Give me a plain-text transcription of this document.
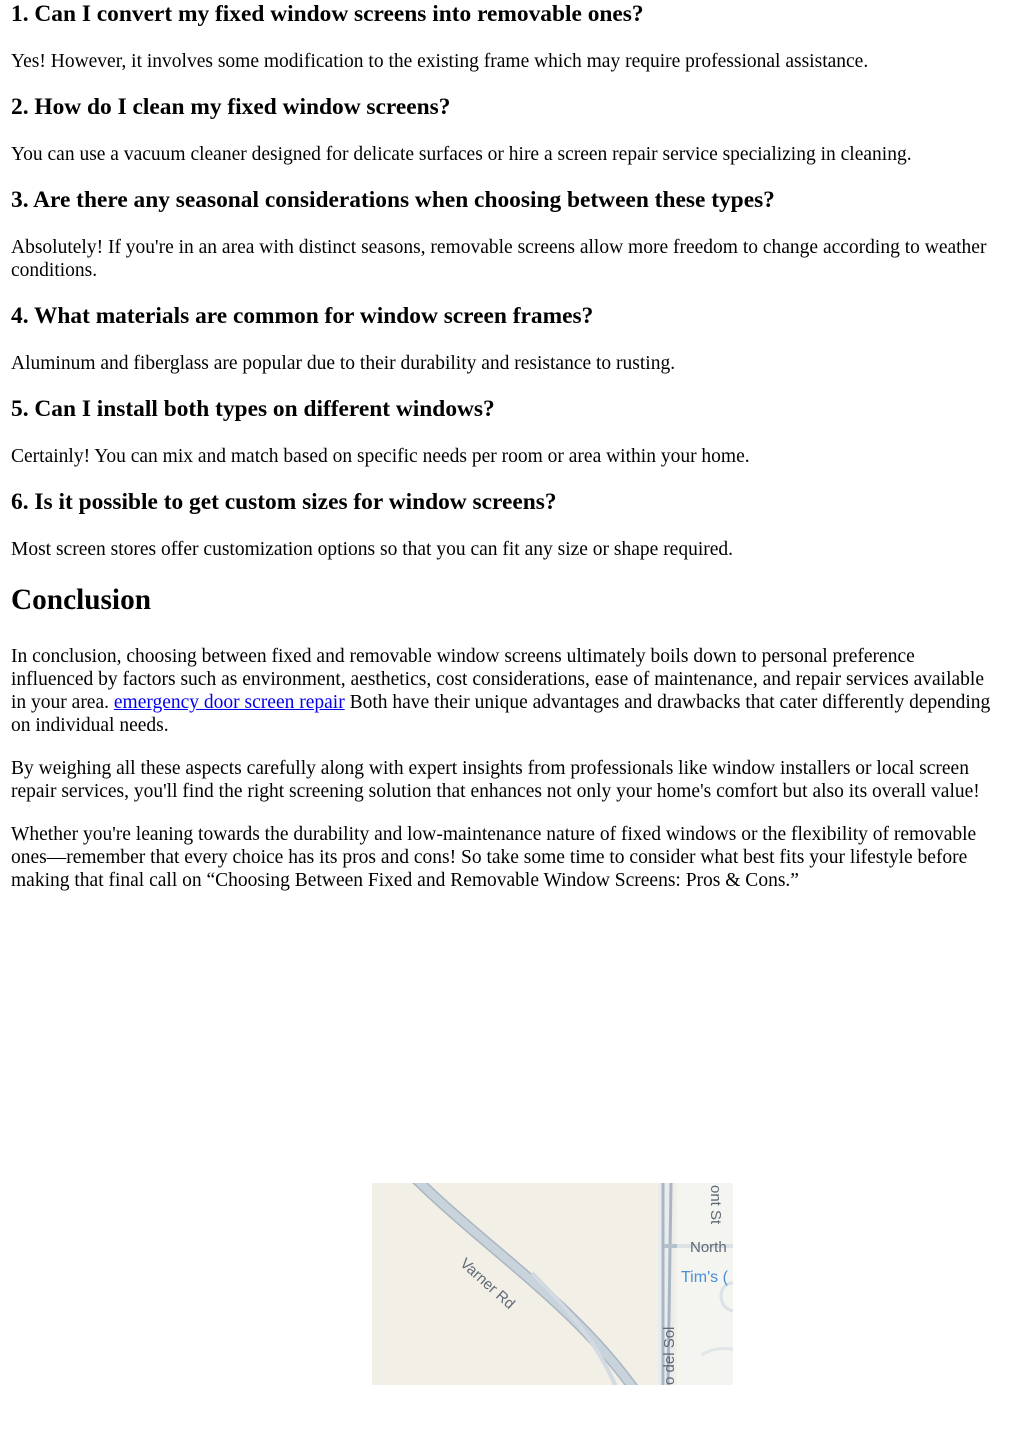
1. Can I convert my fixed window screens into removable ones?

Yes! However, it involves some modification to the existing frame which may require professional assistance.

2. How do I clean my fixed window screens?

You can use a vacuum cleaner designed for delicate surfaces or hire a screen repair service specializing in cleaning.

3. Are there any seasonal considerations when choosing between these types?

Absolutely! If you're in an area with distinct seasons, removable screens allow more freedom to change according to weather conditions.

4. What materials are common for window screen frames?

Aluminum and fiberglass are popular due to their durability and resistance to rusting.

5. Can I install both types on different windows?

Certainly! You can mix and match based on specific needs per room or area within your home.

6. Is it possible to get custom sizes for window screens?

Most screen stores offer customization options so that you can fit any size or shape required.

Conclusion

In conclusion, choosing between fixed and removable window screens ultimately boils down to personal preference influenced by factors such as environment, aesthetics, cost considerations, ease of maintenance, and repair services available in your area. emergency door screen repair Both have their unique advantages and drawbacks that cater differently depending on individual needs.

By weighing all these aspects carefully along with expert insights from professionals like window installers or local screen repair services, you'll find the right screening solution that enhances not only your home's comfort but also its overall value!

Whether you're leaning towards the durability and low-maintenance nature of fixed windows or the flexibility of removable ones—remember that every choice has its pros and cons! So take some time to consider what best fits your lifestyle before making that final call on “Choosing Between Fixed and Removable Window Screens: Pros & Cons.”

Varner Rd
ont St
North
Tim's (
o del Sol
